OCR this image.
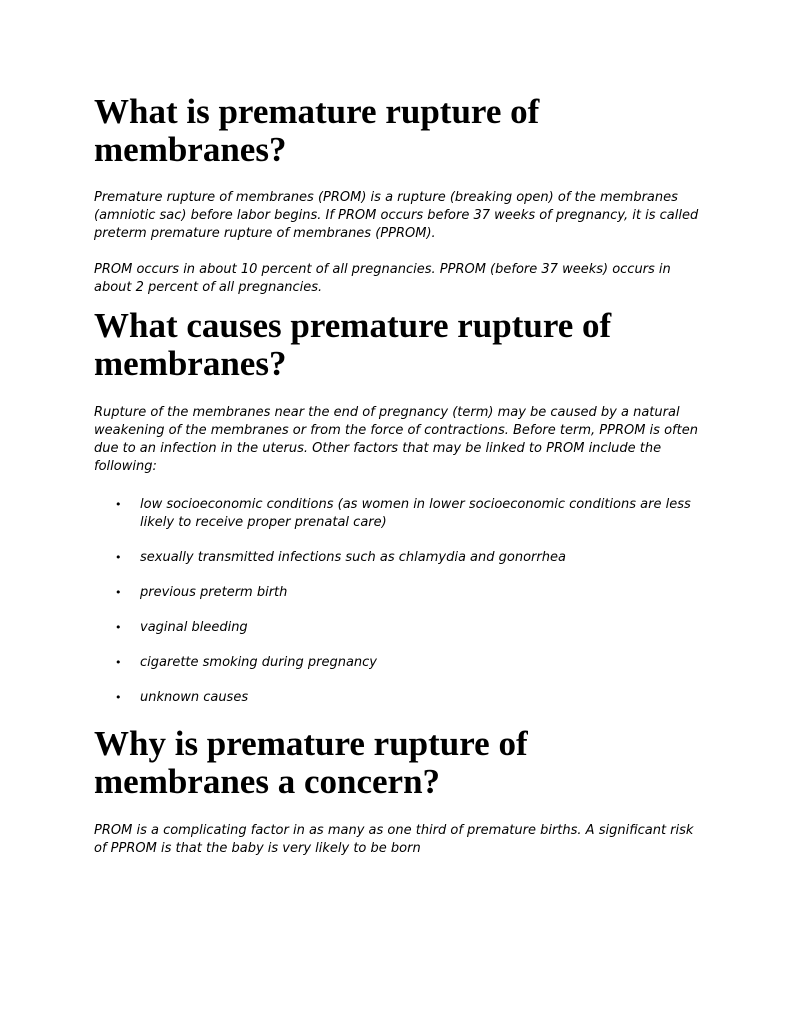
What is premature rupture of membranes?

Premature rupture of membranes (PROM) is a rupture (breaking open) of the membranes (amniotic sac) before labor begins. If PROM occurs before 37 weeks of pregnancy, it is called preterm premature rupture of membranes (PPROM).

PROM occurs in about 10 percent of all pregnancies. PPROM (before 37 weeks) occurs in about 2 percent of all pregnancies.

What causes premature rupture of membranes?

Rupture of the membranes near the end of pregnancy (term) may be caused by a natural weakening of the membranes or from the force of contractions. Before term, PPROM is often due to an infection in the uterus. Other factors that may be linked to PROM include the following:

• low socioeconomic conditions (as women in lower socioeconomic conditions are less likely to receive proper prenatal care)
• sexually transmitted infections such as chlamydia and gonorrhea
• previous preterm birth
• vaginal bleeding
• cigarette smoking during pregnancy
• unknown causes
Why is premature rupture of membranes a concern?

PROM is a complicating factor in as many as one third of premature births. A significant risk of PPROM is that the baby is very likely to be born
